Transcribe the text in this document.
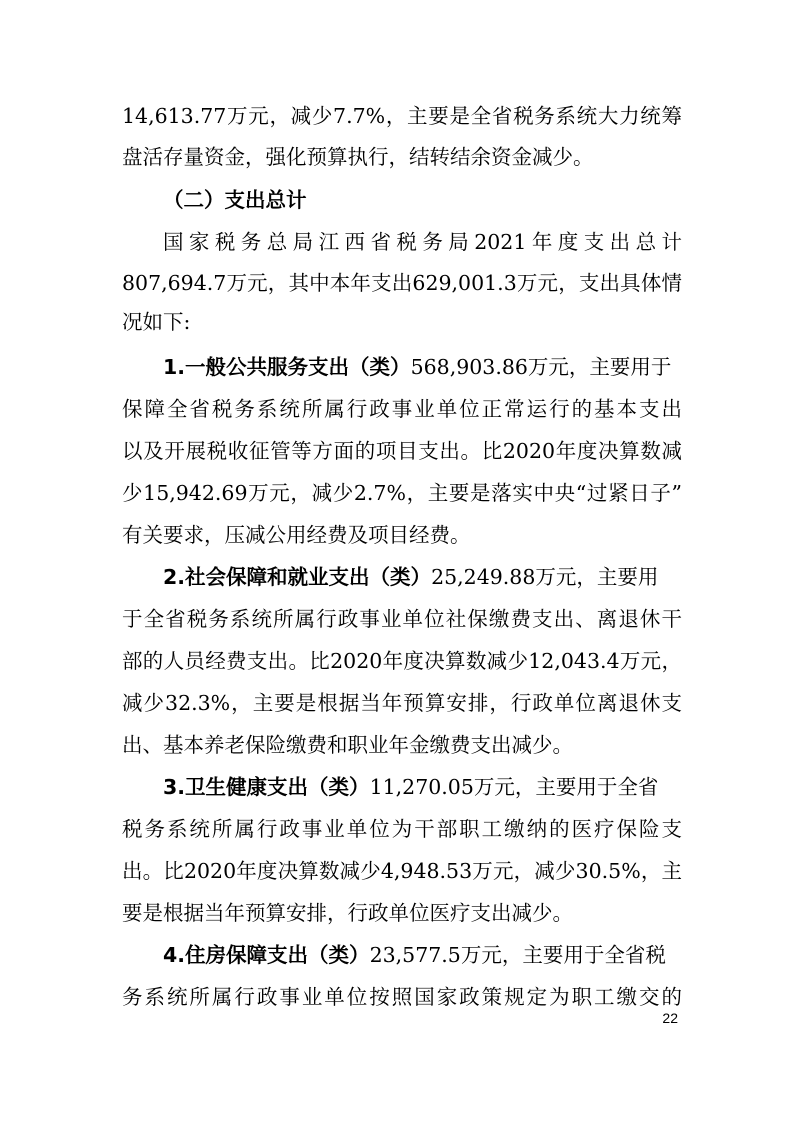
14,613.77万元，减少7.7%，主要是全省税务系统大力统筹
盘活存量资金，强化预算执行，结转结余资金减少。
（二）支出总计
国家税务总局江西省税务局2021年度支出总计
807,694.7万元，其中本年支出629,001.3万元，支出具体情
况如下:
1.一般公共服务支出（类）568,903.86万元，主要用于
保障全省税务系统所属行政事业单位正常运行的基本支出
以及开展税收征管等方面的项目支出。比2020年度决算数减
少15,942.69万元，减少2.7%，主要是落实中央“过紧日子”
有关要求，压减公用经费及项目经费。
2.社会保障和就业支出（类）25,249.88万元，主要用
于全省税务系统所属行政事业单位社保缴费支出、离退休干
部的人员经费支出。比2020年度决算数减少12,043.4万元，
减少32.3%，主要是根据当年预算安排，行政单位离退休支
出、基本养老保险缴费和职业年金缴费支出减少。
3.卫生健康支出（类）11,270.05万元，主要用于全省
税务系统所属行政事业单位为干部职工缴纳的医疗保险支
出。比2020年度决算数减少4,948.53万元，减少30.5%，主
要是根据当年预算安排，行政单位医疗支出减少。
4.住房保障支出（类）23,577.5万元，主要用于全省税
务系统所属行政事业单位按照国家政策规定为职工缴交的
22
